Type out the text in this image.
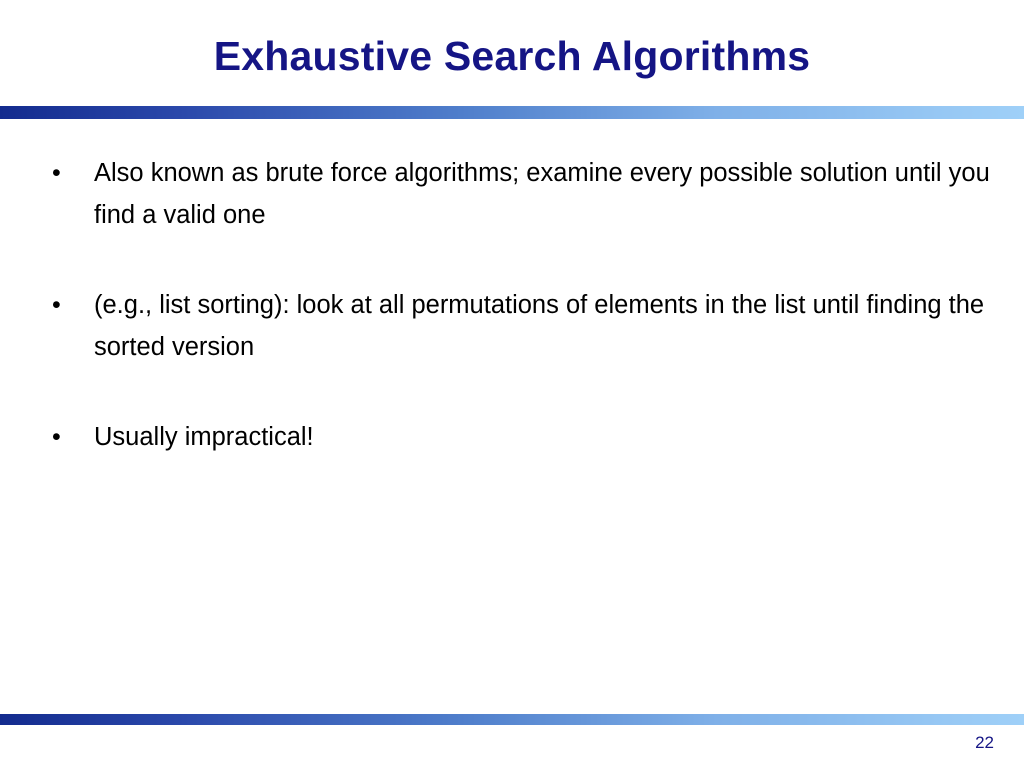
Exhaustive Search Algorithms
•	Also known as brute force algorithms; examine every possible solution until you find a valid one
•	(e.g., list sorting): look at all permutations of elements in the list until finding the sorted version
•	Usually impractical!
22
